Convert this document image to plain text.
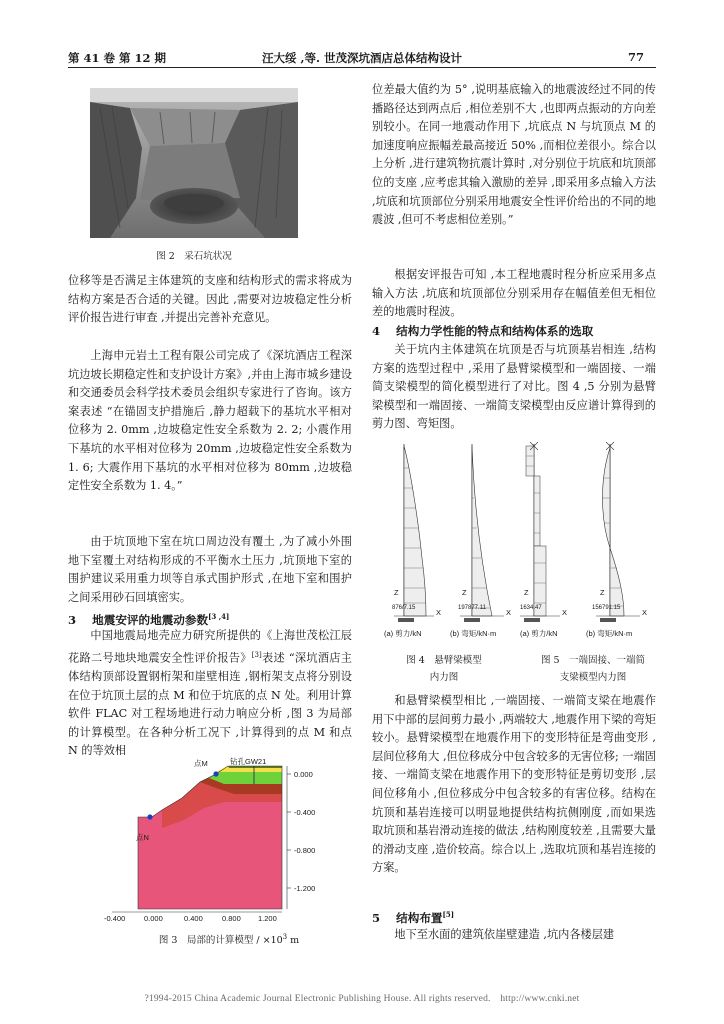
第 41 卷 第 12 期	汪大绥 ,等. 世茂深坑酒店总体结构设计	77
图 2　采石坑状况

位移等是否满足主体建筑的支座和结构形式的需求将成为结构方案是否合适的关键。因此 ,需要对边坡稳定性分析评价报告进行审查 ,并提出完善补充意见。

上海申元岩土工程有限公司完成了《深坑酒店工程深坑边坡长期稳定性和支护设计方案》,并由上海市城乡建设和交通委员会科学技术委员会组织专家进行了咨询。该方案表述 “在锚固支护措施后 ,静力超载下的基坑水平相对位移为 2. 0mm ,边坡稳定性安全系数为 2. 2; 小震作用下基坑的水平相对位移为 20mm ,边坡稳定性安全系数为 1. 6; 大震作用下基坑的水平相对位移为 80mm ,边坡稳定性安全系数为 1. 4。”

由于坑顶地下室在坑口周边没有覆土 ,为了减小外围地下室覆土对结构形成的不平衡水土压力 ,坑顶地下室的围护建议采用重力坝等自承式围护形式 ,在地下室和围护之间采用砂石回填密实。

3 地震安评的地震动参数[3 ,4]

中国地震局地壳应力研究所提供的《上海世茂松江辰花路二号地块地震安全性评价报告》[3]表述 “深坑酒店主体结构顶部设置钢桁架和崖壁相连 ,钢桁架支点将分别设在位于坑顶土层的点 M 和位于坑底的点 N 处。利用计算软件 FLAC 对工程场地进行动力响应分析 ,图 3 为局部的计算模型。在各种分析工况下 ,计算得到的点 M 和点 N 的等效相

点M	钻孔GW21
点N
0.000
-0.400
-0.800
-1.200
-0.400 0.000	0.400	0.800 1.200
图 3　局部的计算模型 / $\times 10^3$ m

位差最大值约为 5° ,说明基底输入的地震波经过不同的传播路径达到两点后 ,相位差别不大 ,也即两点振动的方向差别较小。在同一地震动作用下 ,坑底点 N 与坑顶点 M 的加速度响应振幅差最高接近 50% ,而相位差很小。综合以上分析 ,进行建筑物抗震计算时 ,对分别位于坑底和坑顶部位的支座 ,应考虑其输入激励的差异 ,即采用多点输入方法 ,坑底和坑顶部位分别采用地震安全性评价给出的不同的地震波 ,但可不考虑相位差别。”

根据安评报告可知 ,本工程地震时程分析应采用多点输入方法 ,坑底和坑顶部位分别采用存在幅值差但无相位差的地震时程波。

4 结构力学性能的特点和结构体系的选取

关于坑内主体建筑在坑顶是否与坑顶基岩相连 ,结构方案的选型过程中 ,采用了悬臂梁模型和一端固接、一端简支梁模型的简化模型进行了对比。图 4 ,5 分别为悬臂梁模型和一端固接、一端简支梁模型由反应谱计算得到的剪力图、弯矩图。

876/7.15	197877.11	1634.47	156791.15
Z
X
Z
X
Z
X
Z
X
(a) 剪力/kN	(b) 弯矩/kN·m	(a) 剪力/kN	(b) 弯矩/kN·m
图 4　悬臂梁模型
内力图
图 5　一端固接、一端简
支梁模型内力图

和悬臂梁模型相比 ,一端固接、一端简支梁在地震作用下中部的层间剪力最小 ,两端较大 ,地震作用下梁的弯矩较小。悬臂梁模型在地震作用下的变形特征是弯曲变形 ,层间位移角大 ,但位移成分中包含较多的无害位移; 一端固接、一端简支梁在地震作用下的变形特征是剪切变形 ,层间位移角小 ,但位移成分中包含较多的有害位移。结构在坑顶和基岩连接可以明显地提供结构抗侧刚度 ,而如果选取坑顶和基岩滑动连接的做法 ,结构刚度较差 ,且需要大量的滑动支座 ,造价较高。综合以上 ,选取坑顶和基岩连接的方案。

5 结构布置[5]

地下至水面的建筑依崖壁建造 ,坑内各楼层建

?1994-2015 China Academic Journal Electronic Publishing House. All rights reserved.　http://www.cnki.net
